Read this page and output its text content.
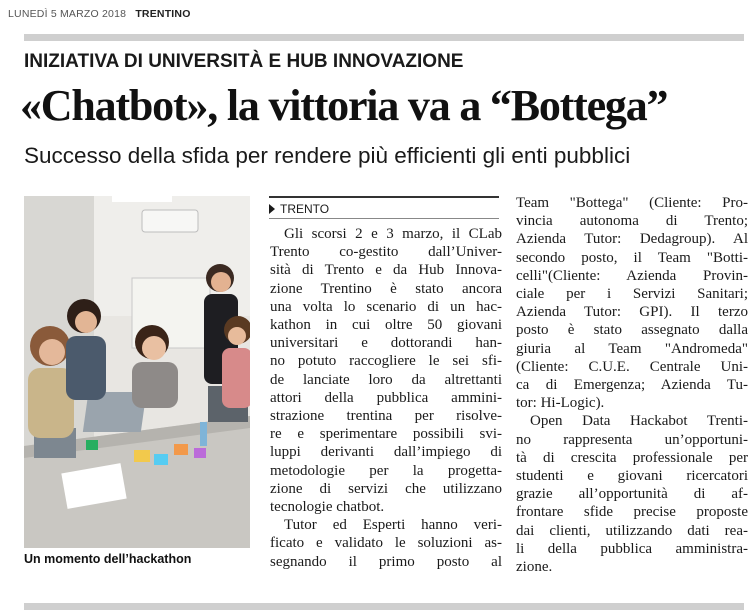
LUNEDÌ 5 MARZO 2018 TRENTINO
INIZIATIVA DI UNIVERSITÀ E HUB INNOVAZIONE
«Chatbot», la vittoria va a “Bottega”
Successo della sfida per rendere più efficienti gli enti pubblici
Un momento dell’hackathon
TRENTO
Gli scorsi 2 e 3 marzo, il CLab
Trento co-gestito dall’Univer-
sità di Trento e da Hub Innova-
zione Trentino è stato ancora
una volta lo scenario di un hac-
kathon in cui oltre 50 giovani
universitari e dottorandi han-
no potuto raccogliere le sei sfi-
de lanciate loro da altrettanti
attori della pubblica ammini-
strazione trentina per risolve-
re e sperimentare possibili svi-
luppi derivanti dall’impiego di
metodologie per la progetta-
zione di servizi che utilizzano
tecnologie chatbot.
Tutor ed Esperti hanno veri-
ficato e validato le soluzioni as-
segnando il primo posto al
Team "Bottega" (Cliente: Pro-
vincia autonoma di Trento;
Azienda Tutor: Dedagroup). Al
secondo posto, il Team "Botti-
celli"(Cliente: Azienda Provin-
ciale per i Servizi Sanitari;
Azienda Tutor: GPI). Il terzo
posto è stato assegnato dalla
giuria al Team "Andromeda"
(Cliente: C.U.E. Centrale Uni-
ca di Emergenza; Azienda Tu-
tor: Hi-Logic).
Open Data Hackabot Trenti-
no rappresenta un’opportuni-
tà di crescita professionale per
studenti e giovani ricercatori
grazie all’opportunità di af-
frontare sfide precise proposte
dai clienti, utilizzando dati rea-
li della pubblica amministra-
zione.
